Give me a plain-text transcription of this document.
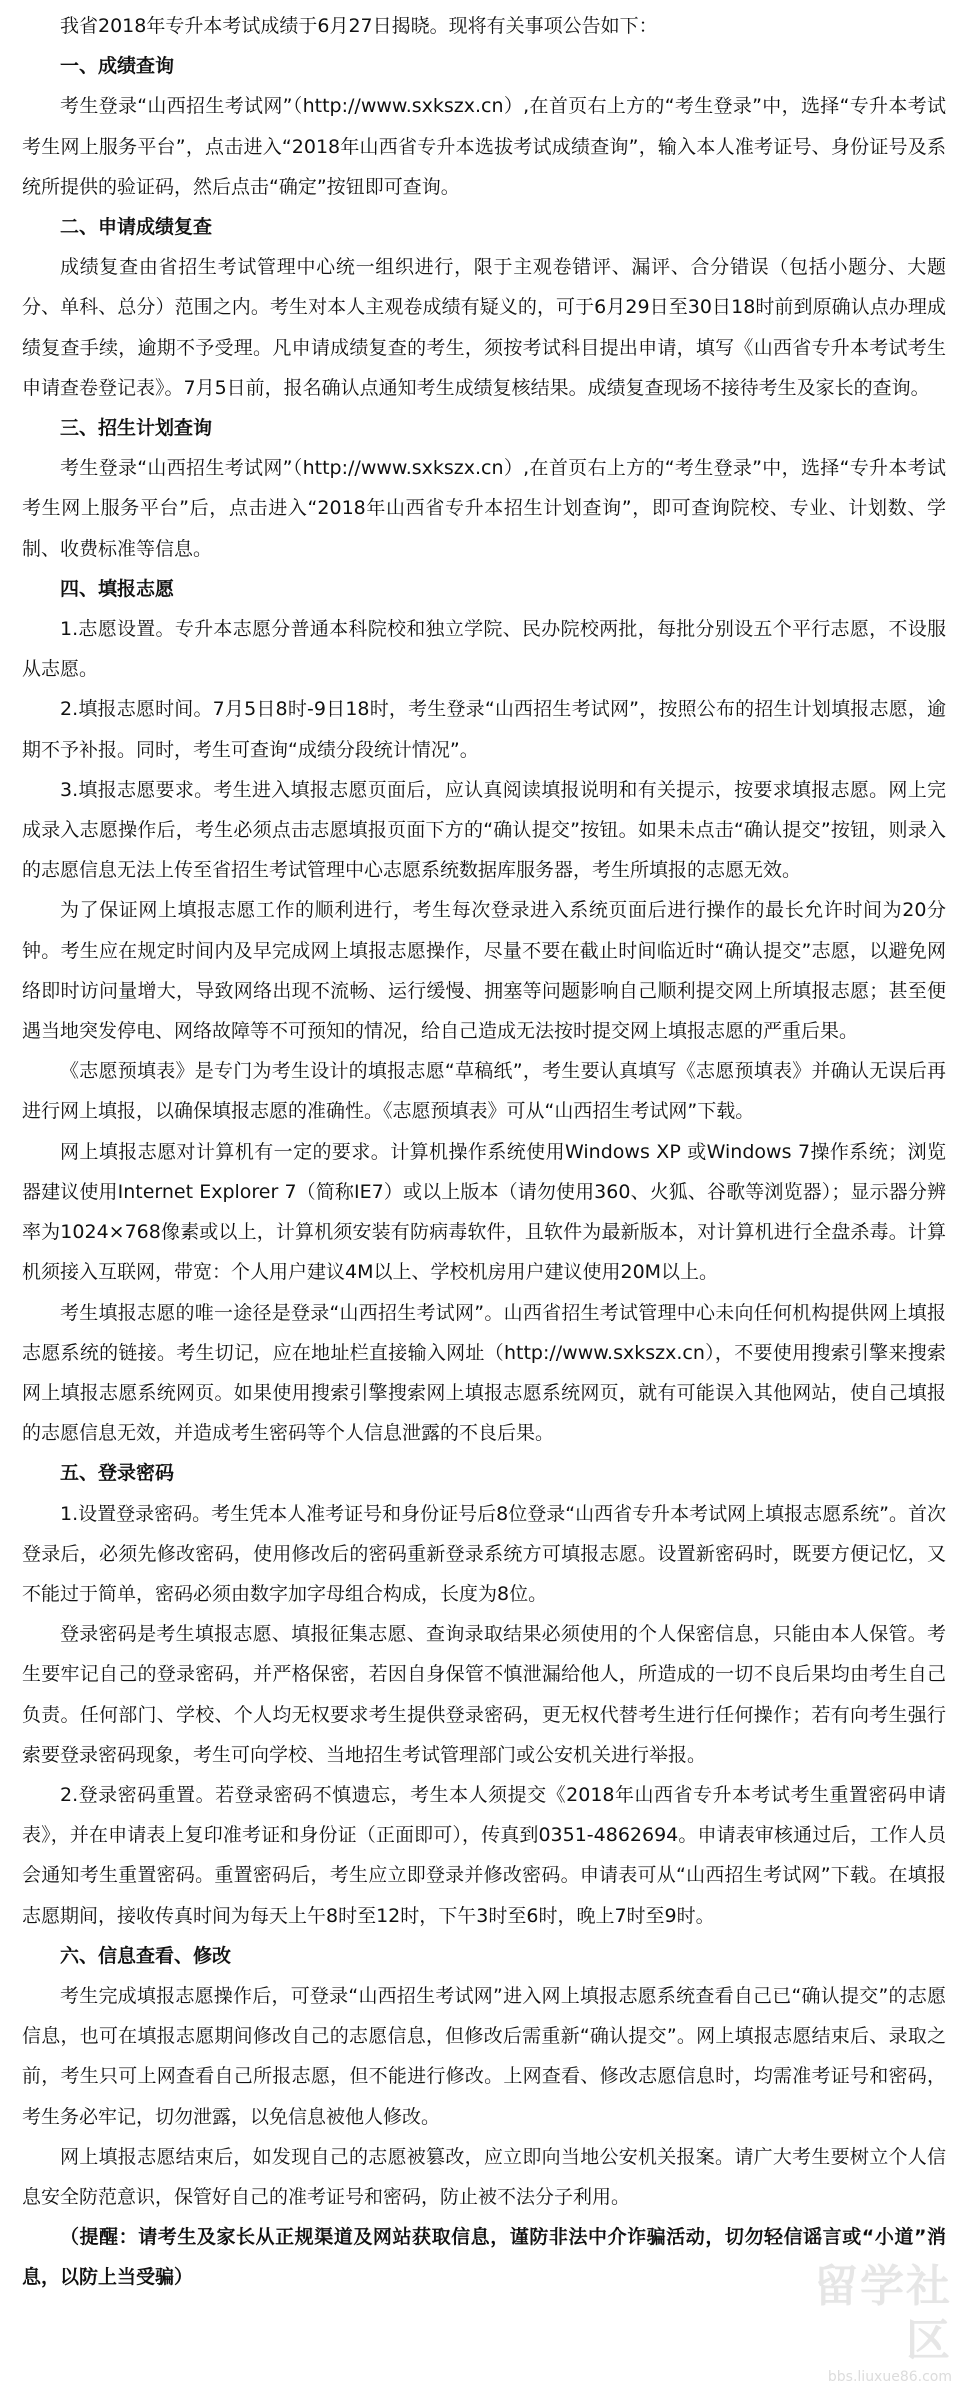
我省2018年专升本考试成绩于6月27日揭晓。现将有关事项公告如下：

一、成绩查询

考生登录“山西招生考试网”（http://www.sxkszx.cn）,在首页右上方的“考生登录”中，选择“专升本考试考生网上服务平台”，点击进入“2018年山西省专升本选拔考试成绩查询”，输入本人准考证号、身份证号及系统所提供的验证码，然后点击“确定”按钮即可查询。

二、申请成绩复查

成绩复查由省招生考试管理中心统一组织进行，限于主观卷错评、漏评、合分错误（包括小题分、大题分、单科、总分）范围之内。考生对本人主观卷成绩有疑义的，可于6月29日至30日18时前到原确认点办理成绩复查手续，逾期不予受理。凡申请成绩复查的考生，须按考试科目提出申请，填写《山西省专升本考试考生申请查卷登记表》。7月5日前，报名确认点通知考生成绩复核结果。成绩复查现场不接待考生及家长的查询。

三、招生计划查询

考生登录“山西招生考试网”（http://www.sxkszx.cn）,在首页右上方的“考生登录”中，选择“专升本考试考生网上服务平台”后，点击进入“2018年山西省专升本招生计划查询”，即可查询院校、专业、计划数、学制、收费标准等信息。

四、填报志愿

1.志愿设置。专升本志愿分普通本科院校和独立学院、民办院校两批，每批分别设五个平行志愿，不设服从志愿。

2.填报志愿时间。7月5日8时-9日18时，考生登录“山西招生考试网”，按照公布的招生计划填报志愿，逾期不予补报。同时，考生可查询“成绩分段统计情况”。

3.填报志愿要求。考生进入填报志愿页面后，应认真阅读填报说明和有关提示，按要求填报志愿。网上完成录入志愿操作后，考生必须点击志愿填报页面下方的“确认提交”按钮。如果未点击“确认提交”按钮，则录入的志愿信息无法上传至省招生考试管理中心志愿系统数据库服务器，考生所填报的志愿无效。

为了保证网上填报志愿工作的顺利进行，考生每次登录进入系统页面后进行操作的最长允许时间为20分钟。考生应在规定时间内及早完成网上填报志愿操作，尽量不要在截止时间临近时“确认提交”志愿，以避免网络即时访问量增大，导致网络出现不流畅、运行缓慢、拥塞等问题影响自己顺利提交网上所填报志愿；甚至便遇当地突发停电、网络故障等不可预知的情况，给自己造成无法按时提交网上填报志愿的严重后果。

《志愿预填表》是专门为考生设计的填报志愿“草稿纸”，考生要认真填写《志愿预填表》并确认无误后再进行网上填报，以确保填报志愿的准确性。《志愿预填表》可从“山西招生考试网”下载。

网上填报志愿对计算机有一定的要求。计算机操作系统使用Windows XP 或Windows 7操作系统；浏览器建议使用Internet Explorer 7（简称IE7）或以上版本（请勿使用360、火狐、谷歌等浏览器）；显示器分辨率为1024×768像素或以上，计算机须安装有防病毒软件，且软件为最新版本，对计算机进行全盘杀毒。计算机须接入互联网，带宽：个人用户建议4M以上、学校机房用户建议使用20M以上。

考生填报志愿的唯一途径是登录“山西招生考试网”。山西省招生考试管理中心未向任何机构提供网上填报志愿系统的链接。考生切记，应在地址栏直接输入网址（http://www.sxkszx.cn），不要使用搜索引擎来搜索网上填报志愿系统网页。如果使用搜索引擎搜索网上填报志愿系统网页，就有可能误入其他网站，使自己填报的志愿信息无效，并造成考生密码等个人信息泄露的不良后果。

五、登录密码

1.设置登录密码。考生凭本人准考证号和身份证号后8位登录“山西省专升本考试网上填报志愿系统”。首次登录后，必须先修改密码，使用修改后的密码重新登录系统方可填报志愿。设置新密码时，既要方便记忆，又不能过于简单，密码必须由数字加字母组合构成，长度为8位。

登录密码是考生填报志愿、填报征集志愿、查询录取结果必须使用的个人保密信息，只能由本人保管。考生要牢记自己的登录密码，并严格保密，若因自身保管不慎泄漏给他人，所造成的一切不良后果均由考生自己负责。任何部门、学校、个人均无权要求考生提供登录密码，更无权代替考生进行任何操作；若有向考生强行索要登录密码现象，考生可向学校、当地招生考试管理部门或公安机关进行举报。

2.登录密码重置。若登录密码不慎遗忘，考生本人须提交《2018年山西省专升本考试考生重置密码申请表》，并在申请表上复印准考证和身份证（正面即可），传真到0351-4862694。申请表审核通过后，工作人员会通知考生重置密码。重置密码后，考生应立即登录并修改密码。申请表可从“山西招生考试网”下载。在填报志愿期间，接收传真时间为每天上午8时至12时，下午3时至6时，晚上7时至9时。

六、信息查看、修改

考生完成填报志愿操作后，可登录“山西招生考试网”进入网上填报志愿系统查看自己已“确认提交”的志愿信息，也可在填报志愿期间修改自己的志愿信息，但修改后需重新“确认提交”。网上填报志愿结束后、录取之前，考生只可上网查看自己所报志愿，但不能进行修改。上网查看、修改志愿信息时，均需准考证号和密码，考生务必牢记，切勿泄露，以免信息被他人修改。

网上填报志愿结束后，如发现自己的志愿被篡改，应立即向当地公安机关报案。请广大考生要树立个人信息安全防范意识，保管好自己的准考证号和密码，防止被不法分子利用。

（提醒：请考生及家长从正规渠道及网站获取信息，谨防非法中介诈骗活动，切勿轻信谣言或“小道”消息，以防上当受骗）	留学社区
bbs.liuxue86.com
